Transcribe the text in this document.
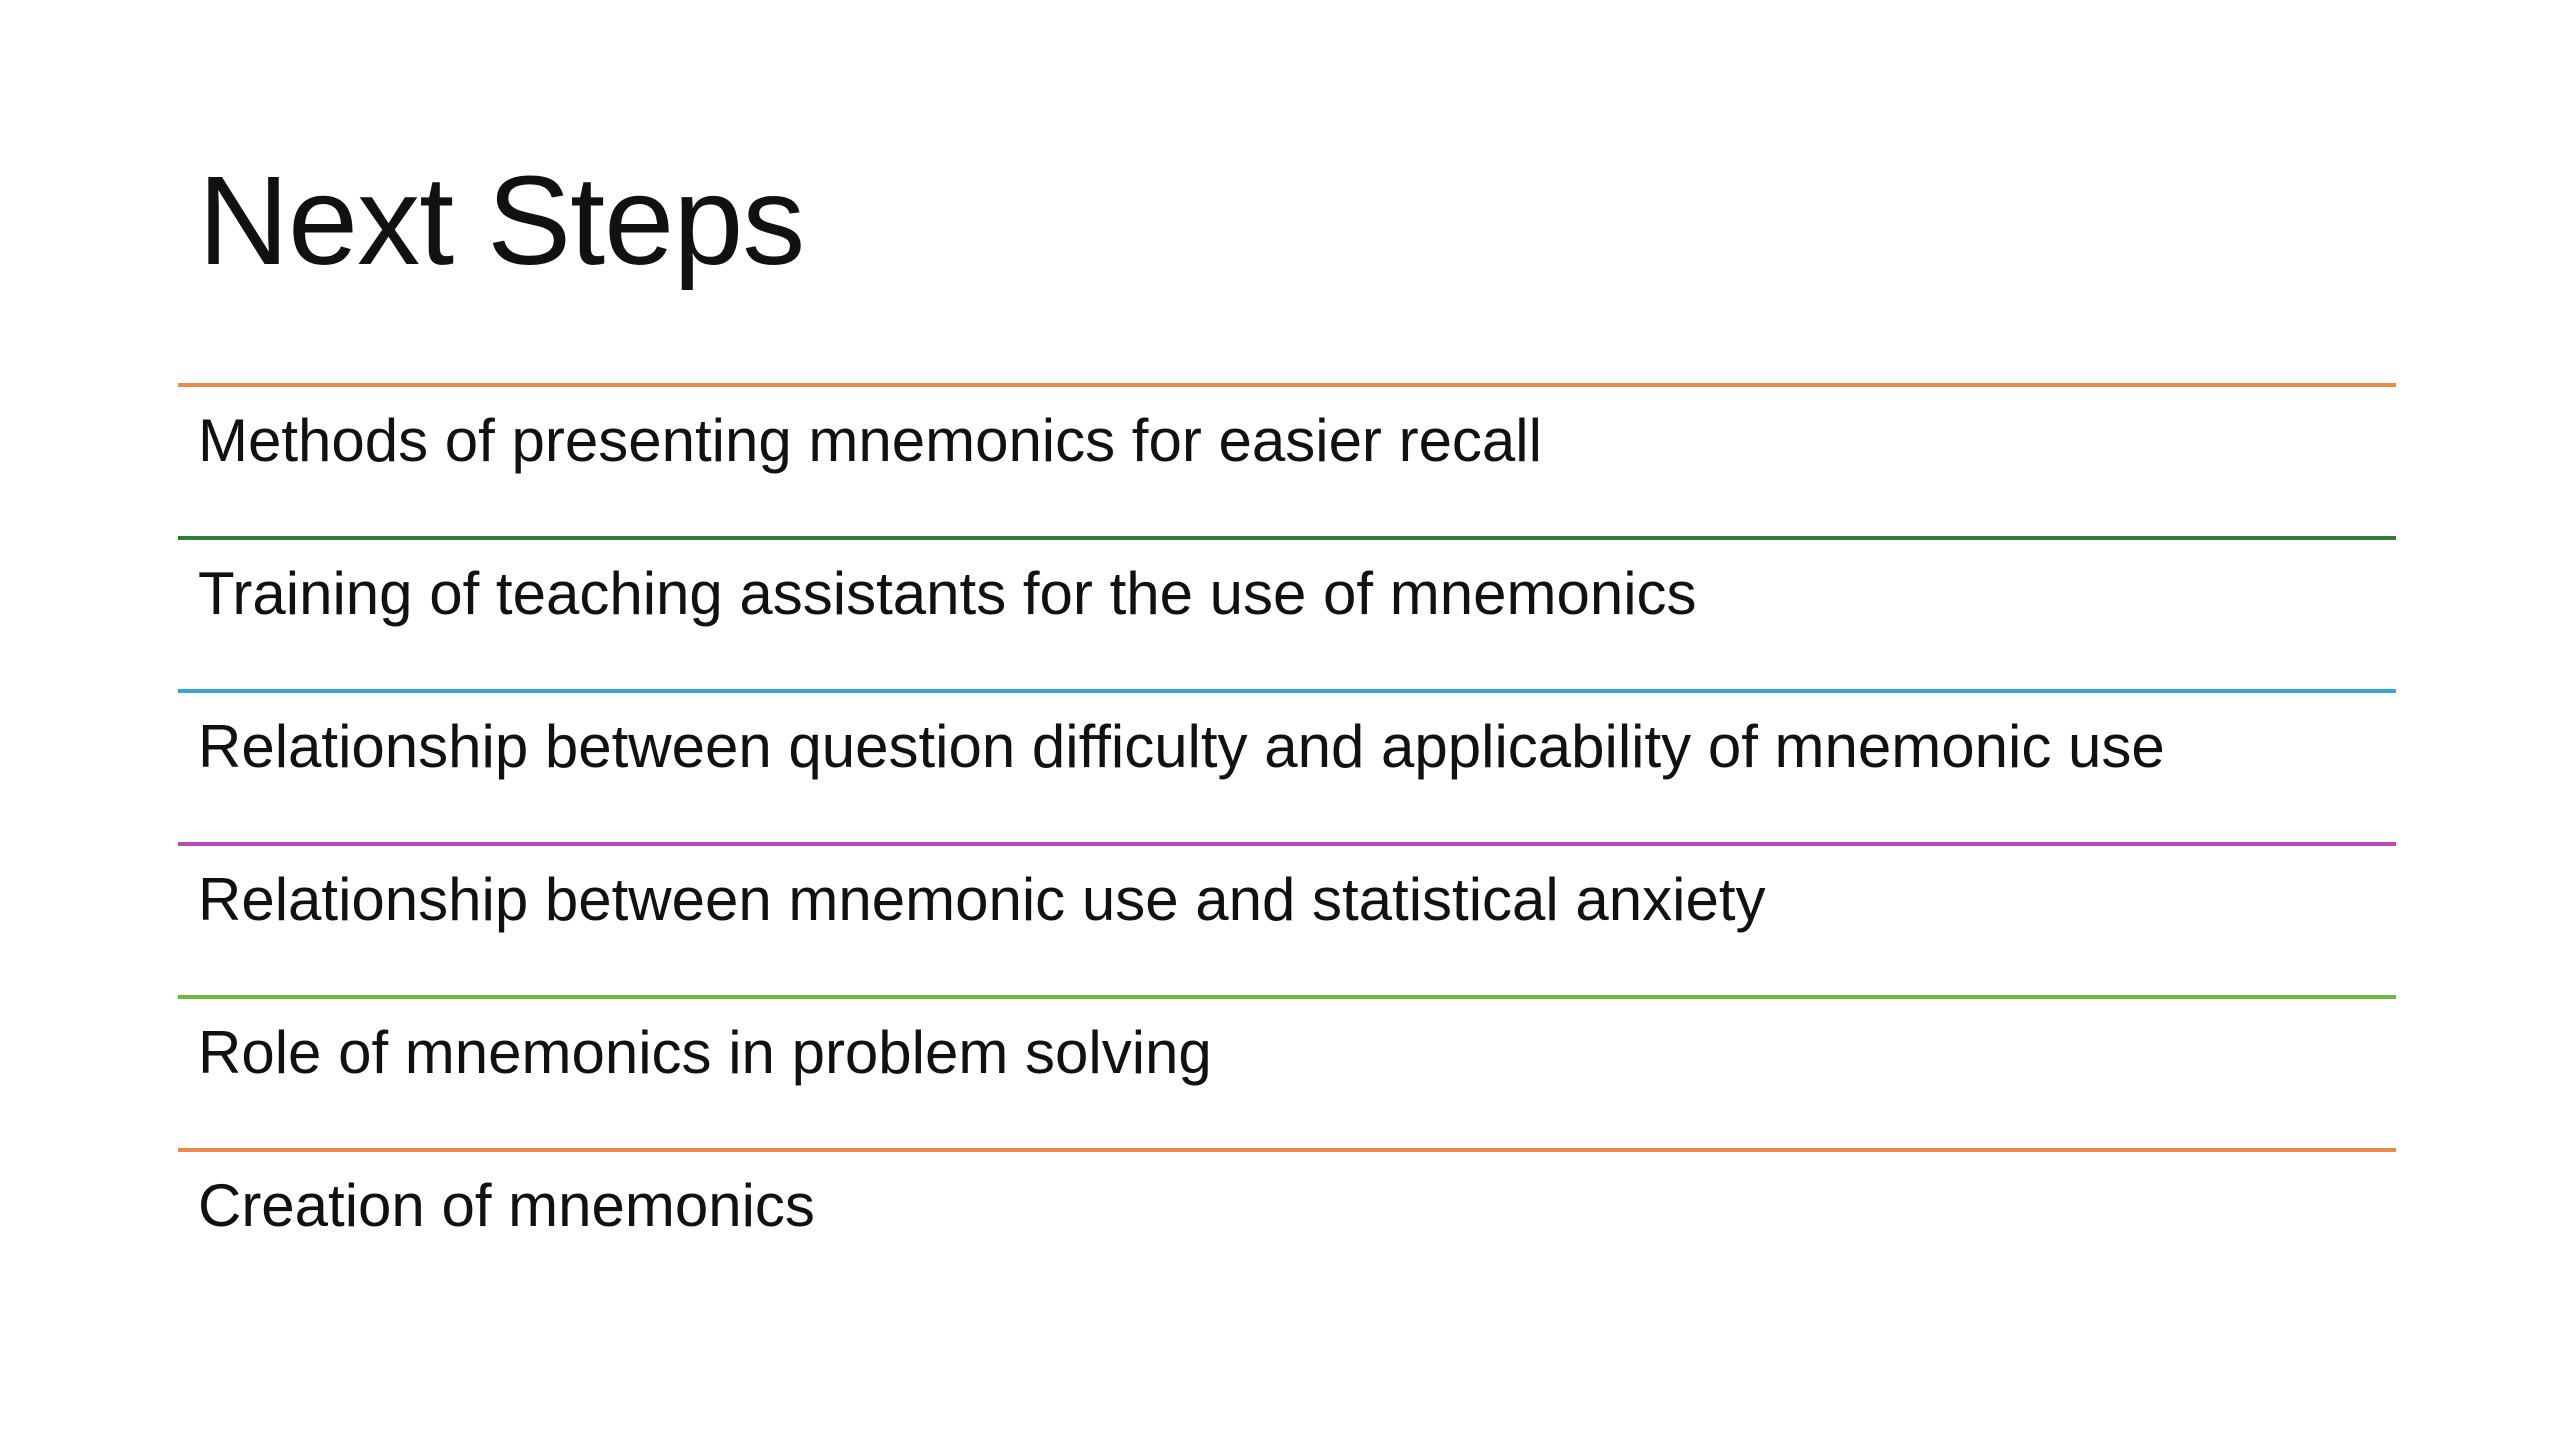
Next Steps
Methods of presenting mnemonics for easier recall
Training of teaching assistants for the use of mnemonics
Relationship between question difficulty and applicability of mnemonic use
Relationship between mnemonic use and statistical anxiety
Role of mnemonics in problem solving
Creation of mnemonics
